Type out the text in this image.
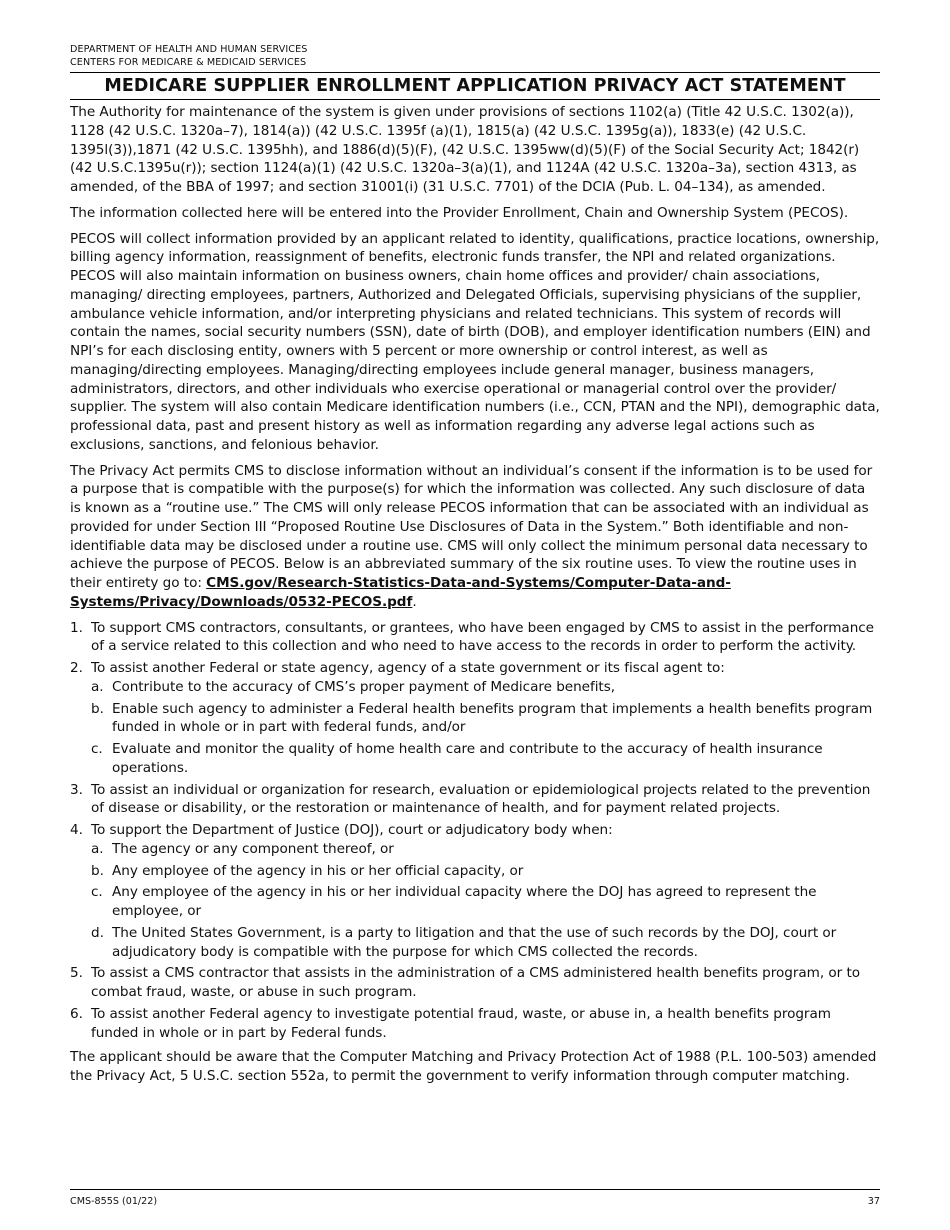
DEPARTMENT OF HEALTH AND HUMAN SERVICES
CENTERS FOR MEDICARE & MEDICAID SERVICES
MEDICARE SUPPLIER ENROLLMENT APPLICATION PRIVACY ACT STATEMENT

The Authority for maintenance of the system is given under provisions of sections 1102(a) (Title 42 U.S.C. 1302(a)), 1128 (42 U.S.C. 1320a–7), 1814(a)) (42 U.S.C. 1395f (a)(1), 1815(a) (42 U.S.C. 1395g(a)), 1833(e) (42 U.S.C. 1395l(3)),1871 (42 U.S.C. 1395hh), and 1886(d)(5)(F), (42 U.S.C. 1395ww(d)(5)(F) of the Social Security Act; 1842(r) (42 U.S.C.1395u(r)); section 1124(a)(1) (42 U.S.C. 1320a–3(a)(1), and 1124A (42 U.S.C. 1320a–3a), section 4313, as amended, of the BBA of 1997; and section 31001(i) (31 U.S.C. 7701) of the DCIA (Pub. L. 04–134), as amended.

The information collected here will be entered into the Provider Enrollment, Chain and Ownership System (PECOS).

PECOS will collect information provided by an applicant related to identity, qualifications, practice locations, ownership, billing agency information, reassignment of benefits, electronic funds transfer, the NPI and related organizations. PECOS will also maintain information on business owners, chain home offices and provider/ chain associations, managing/ directing employees, partners, Authorized and Delegated Officials, supervising physicians of the supplier, ambulance vehicle information, and/or interpreting physicians and related technicians. This system of records will contain the names, social security numbers (SSN), date of birth (DOB), and employer identification numbers (EIN) and NPI’s for each disclosing entity, owners with 5 percent or more ownership or control interest, as well as managing/directing employees. Managing/directing employees include general manager, business managers, administrators, directors, and other individuals who exercise operational or managerial control over the provider/ supplier. The system will also contain Medicare identification numbers (i.e., CCN, PTAN and the NPI), demographic data, professional data, past and present history as well as information regarding any adverse legal actions such as exclusions, sanctions, and felonious behavior.

The Privacy Act permits CMS to disclose information without an individual’s consent if the information is to be used for a purpose that is compatible with the purpose(s) for which the information was collected. Any such disclosure of data is known as a “routine use.” The CMS will only release PECOS information that can be associated with an individual as provided for under Section III “Proposed Routine Use Disclosures of Data in the System.” Both identifiable and non-identifiable data may be disclosed under a routine use. CMS will only collect the minimum personal data necessary to achieve the purpose of PECOS. Below is an abbreviated summary of the six routine uses. To view the routine uses in their entirety go to: CMS.gov/Research-Statistics-Data-and-Systems/Computer-Data-and-Systems/Privacy/Downloads/0532-PECOS.pdf.

1. To support CMS contractors, consultants, or grantees, who have been engaged by CMS to assist in the performance of a service related to this collection and who need to have access to the records in order to perform the activity.
2. To assist another Federal or state agency, agency of a state government or its fiscal agent to:
a. Contribute to the accuracy of CMS’s proper payment of Medicare benefits,
b. Enable such agency to administer a Federal health benefits program that implements a health benefits program funded in whole or in part with federal funds, and/or
c. Evaluate and monitor the quality of home health care and contribute to the accuracy of health insurance operations.
3. To assist an individual or organization for research, evaluation or epidemiological projects related to the prevention of disease or disability, or the restoration or maintenance of health, and for payment related projects.
4. To support the Department of Justice (DOJ), court or adjudicatory body when:
a. The agency or any component thereof, or
b. Any employee of the agency in his or her official capacity, or
c. Any employee of the agency in his or her individual capacity where the DOJ has agreed to represent the employee, or
d. The United States Government, is a party to litigation and that the use of such records by the DOJ, court or adjudicatory body is compatible with the purpose for which CMS collected the records.
5. To assist a CMS contractor that assists in the administration of a CMS administered health benefits program, or to combat fraud, waste, or abuse in such program.
6. To assist another Federal agency to investigate potential fraud, waste, or abuse in, a health benefits program funded in whole or in part by Federal funds.

The applicant should be aware that the Computer Matching and Privacy Protection Act of 1988 (P.L. 100-503) amended the Privacy Act, 5 U.S.C. section 552a, to permit the government to verify information through computer matching.

CMS-855S (01/22)	37
